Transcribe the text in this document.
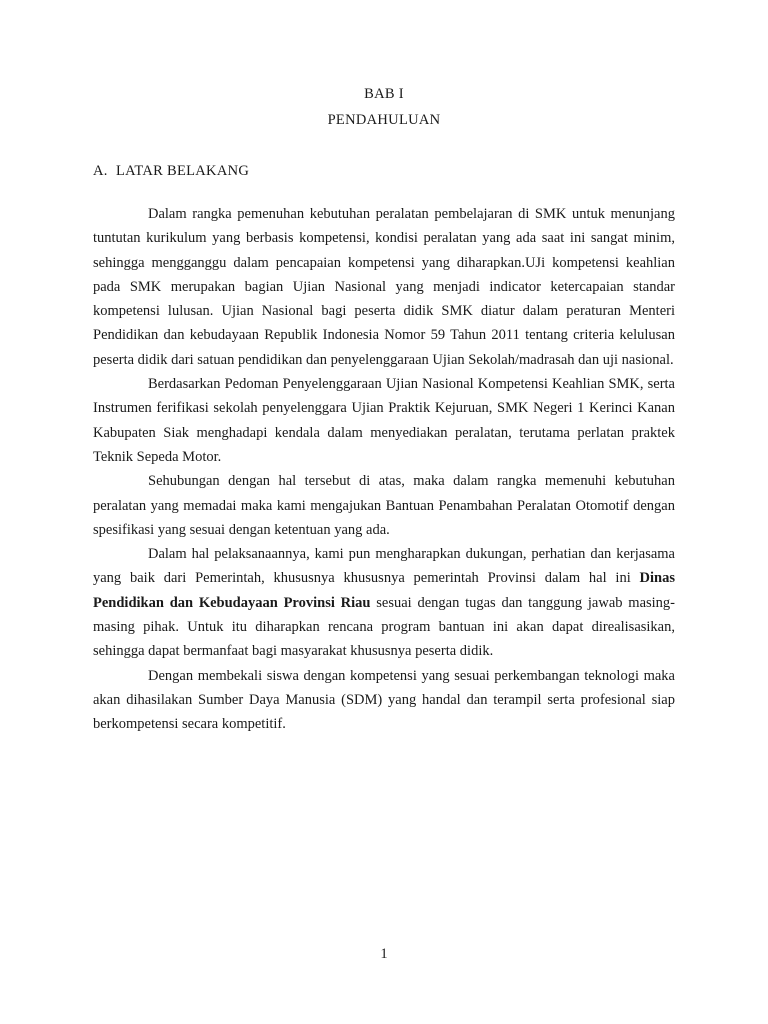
BAB I
PENDAHULUAN
A. LATAR BELAKANG

Dalam rangka pemenuhan kebutuhan peralatan pembelajaran di SMK untuk menunjang tuntutan kurikulum yang berbasis kompetensi, kondisi peralatan yang ada saat ini sangat minim, sehingga mengganggu dalam pencapaian kompetensi yang diharapkan.UJi kompetensi keahlian pada SMK merupakan bagian Ujian Nasional yang menjadi indicator ketercapaian standar kompetensi lulusan. Ujian Nasional bagi peserta didik SMK diatur dalam peraturan Menteri Pendidikan dan kebudayaan Republik Indonesia Nomor 59 Tahun 2011 tentang criteria kelulusan peserta didik dari satuan pendidikan dan penyelenggaraan Ujian Sekolah/madrasah dan uji nasional.

Berdasarkan Pedoman Penyelenggaraan Ujian Nasional Kompetensi Keahlian SMK, serta Instrumen ferifikasi sekolah penyelenggara Ujian Praktik Kejuruan, SMK Negeri 1 Kerinci Kanan Kabupaten Siak menghadapi kendala dalam menyediakan peralatan, terutama perlatan praktek Teknik Sepeda Motor.

Sehubungan dengan hal tersebut di atas, maka dalam rangka memenuhi kebutuhan peralatan yang memadai maka kami mengajukan Bantuan Penambahan Peralatan Otomotif dengan spesifikasi yang sesuai dengan ketentuan yang ada.

Dalam hal pelaksanaannya, kami pun mengharapkan dukungan, perhatian dan kerjasama yang baik dari Pemerintah, khususnya khususnya pemerintah Provinsi dalam hal ini Dinas Pendidikan dan Kebudayaan Provinsi Riau sesuai dengan tugas dan tanggung jawab masing-masing pihak. Untuk itu diharapkan rencana program bantuan ini akan dapat direalisasikan, sehingga dapat bermanfaat bagi masyarakat khususnya peserta didik.

Dengan membekali siswa dengan kompetensi yang sesuai perkembangan teknologi maka akan dihasilakan Sumber Daya Manusia (SDM) yang handal dan terampil serta profesional siap berkompetensi secara kompetitif.

1
